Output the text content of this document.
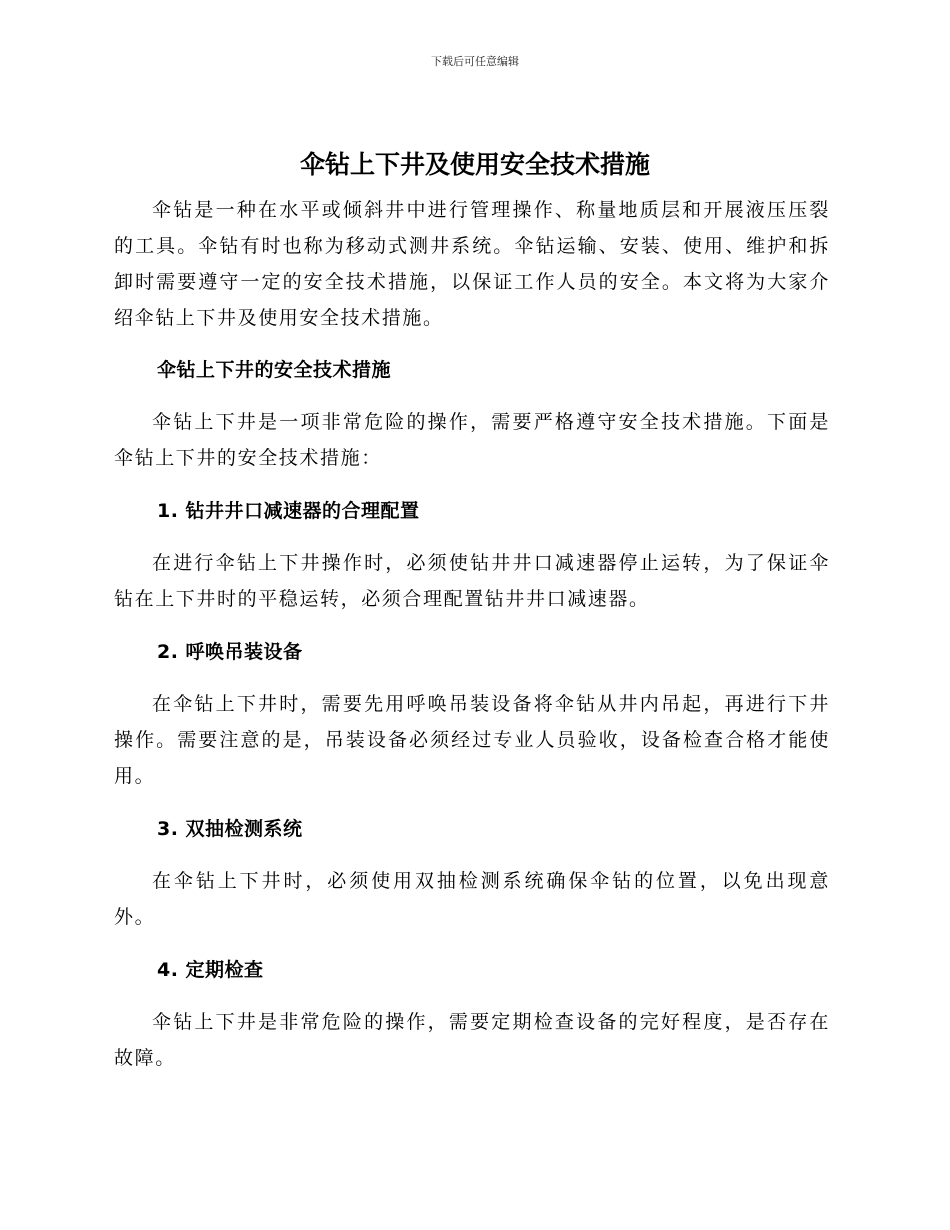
下载后可任意编辑
伞钻上下井及使用安全技术措施

伞钻是一种在水平或倾斜井中进行管理操作、称量地质层和开展液压压裂的工具。伞钻有时也称为移动式测井系统。伞钻运输、安装、使用、维护和拆卸时需要遵守一定的安全技术措施，以保证工作人员的安全。本文将为大家介绍伞钻上下井及使用安全技术措施。

伞钻上下井的安全技术措施

伞钻上下井是一项非常危险的操作，需要严格遵守安全技术措施。下面是伞钻上下井的安全技术措施：

1. 钻井井口减速器的合理配置

在进行伞钻上下井操作时，必须使钻井井口减速器停止运转，为了保证伞钻在上下井时的平稳运转，必须合理配置钻井井口减速器。

2. 呼唤吊装设备

在伞钻上下井时，需要先用呼唤吊装设备将伞钻从井内吊起，再进行下井操作。需要注意的是，吊装设备必须经过专业人员验收，设备检查合格才能使用。

3. 双抽检测系统

在伞钻上下井时，必须使用双抽检测系统确保伞钻的位置，以免出现意外。

4. 定期检查

伞钻上下井是非常危险的操作，需要定期检查设备的完好程度，是否存在故障。
